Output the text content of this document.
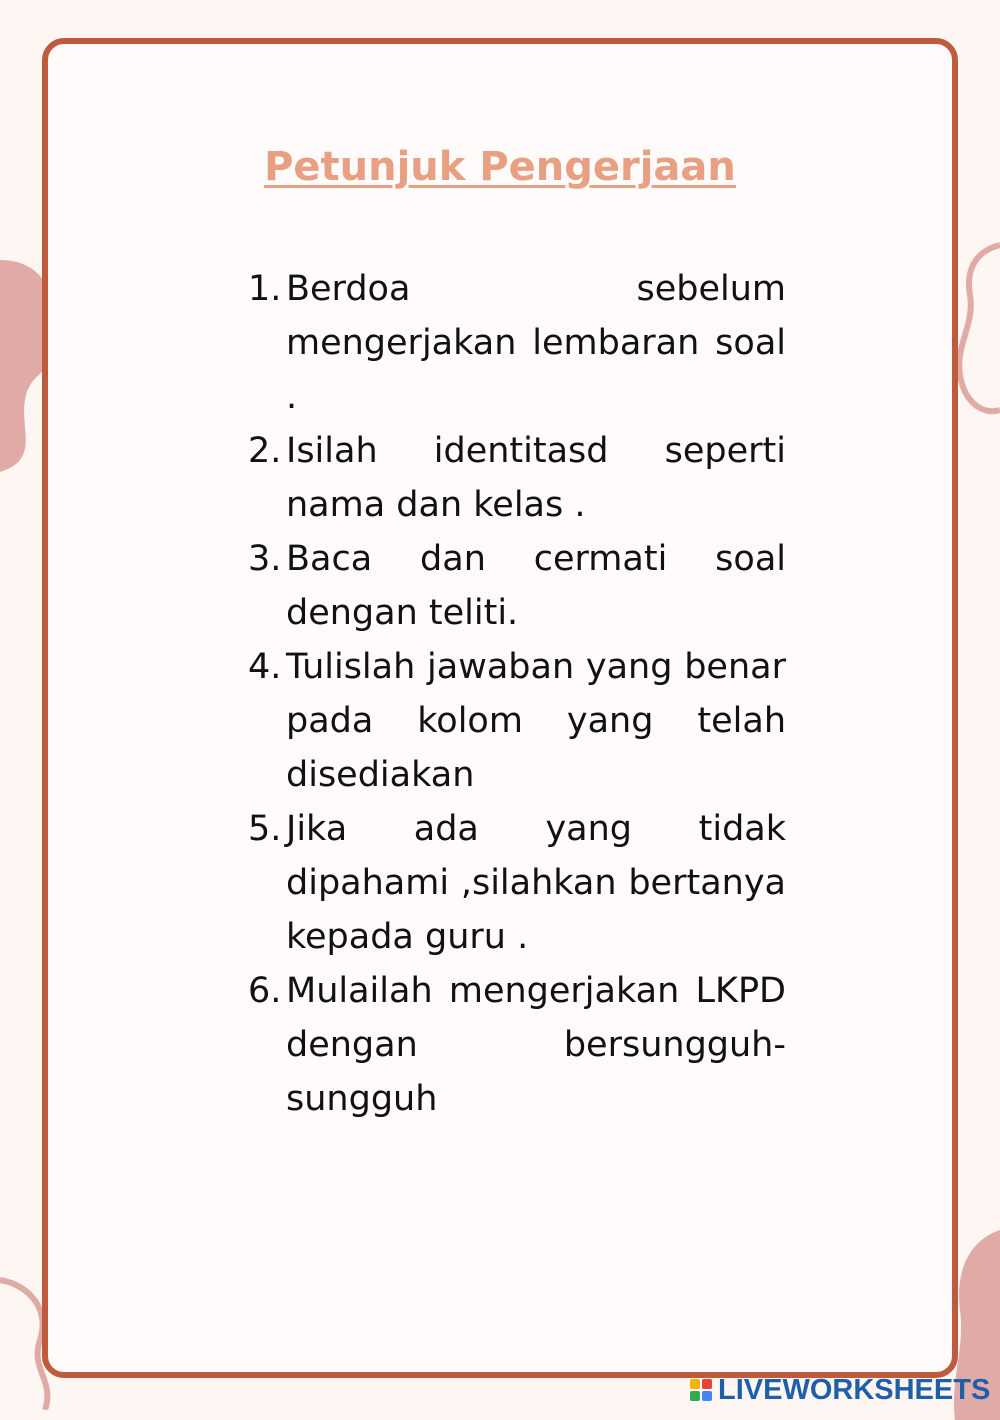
Petunjuk Pengerjaan
1. Berdoa sebelum mengerjakan lembaran soal .
2. Isilah identitasd seperti nama dan kelas .
3. Baca dan cermati soal dengan teliti.
4. Tulislah jawaban yang benar pada kolom yang telah disediakan
5. Jika ada yang tidak dipahami ,silahkan bertanya kepada guru .
6. Mulailah mengerjakan LKPD dengan bersungguh-sungguh
LIVEWORKSHEETS
